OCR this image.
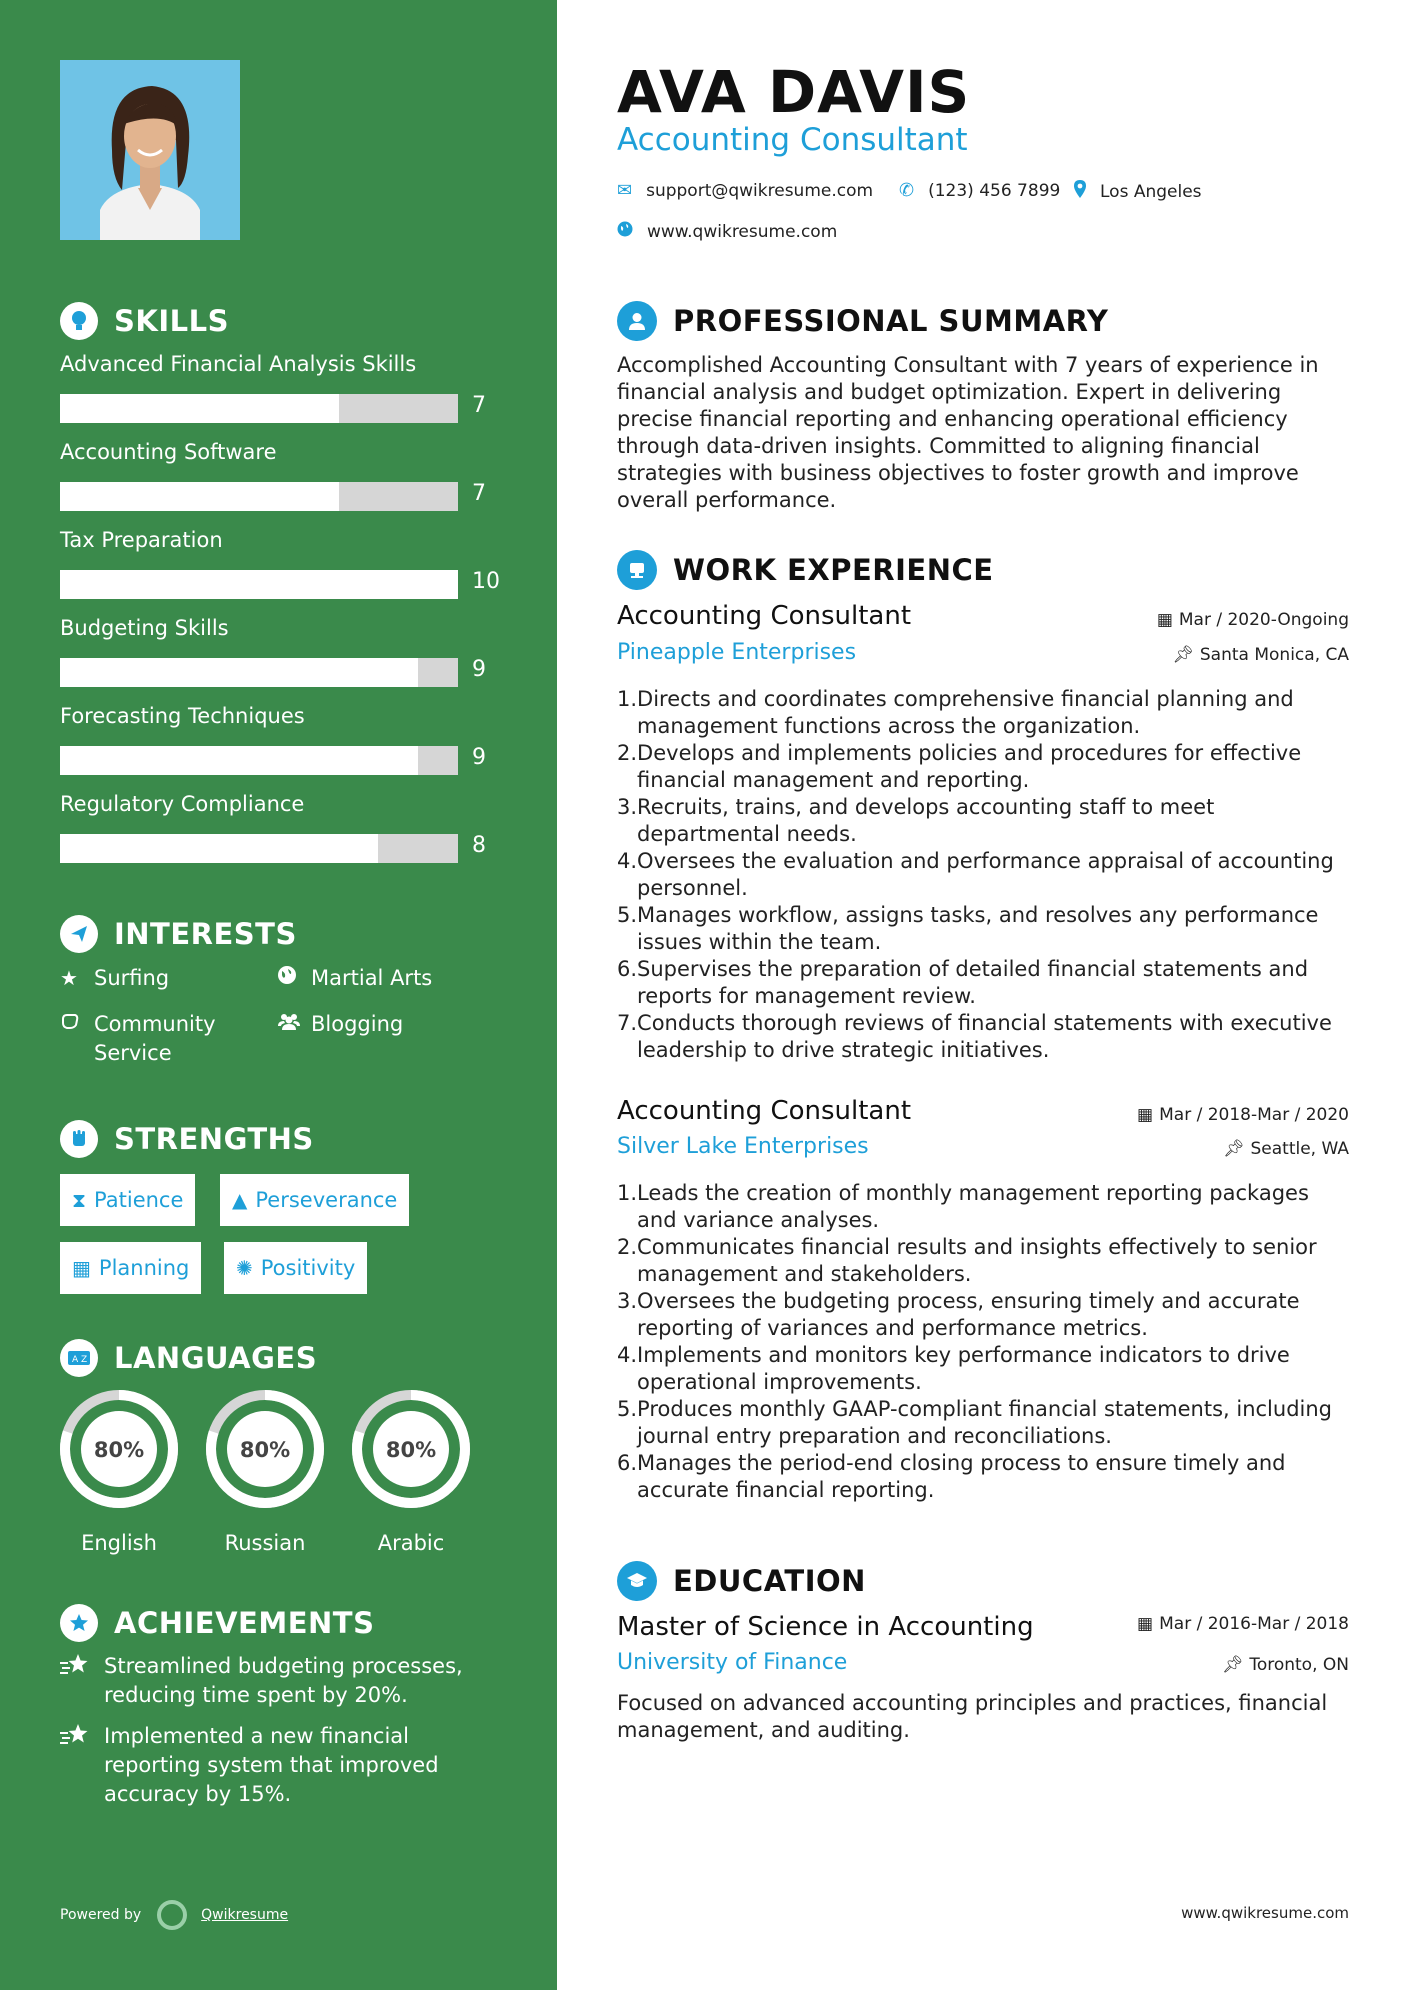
SKILLS
Advanced Financial Analysis Skills
7
Accounting Software
7
Tax Preparation
10
Budgeting Skills
9
Forecasting Techniques
9
Regulatory Compliance
8
INTERESTS
★ Surfing	Martial Arts
Community Service
Blogging
STRENGTHS
⧗ Patience	▲ Perseverance
▦ Planning	✺ Positivity
A Z LANGUAGES
80%
English
80%
Russian
80%
Arabic
ACHIEVEMENTS
Streamlined budgeting processes, reducing time spent by 20%.
Implemented a new financial reporting system that improved accuracy by 15%.
Powered by	Qwikresume
AVA DAVIS
Accounting Consultant
✉ support@qwikresume.com ✆ (123) 456 7899 Los Angeles
www.qwikresume.com
PROFESSIONAL SUMMARY
Accomplished Accounting Consultant with 7 years of experience in financial analysis and budget optimization. Expert in delivering precise financial reporting and enhancing operational efficiency through data-driven insights. Committed to aligning financial strategies with business objectives to foster growth and improve overall performance.
WORK EXPERIENCE
Accounting Consultant	▦ Mar / 2020-Ongoing
Pineapple Enterprises	📌︎ Santa Monica, CA
1. Directs and coordinates comprehensive financial planning and management functions across the organization.
2. Develops and implements policies and procedures for effective financial management and reporting.
3. Recruits, trains, and develops accounting staff to meet departmental needs.
4. Oversees the evaluation and performance appraisal of accounting personnel.
5. Manages workflow, assigns tasks, and resolves any performance issues within the team.
6. Supervises the preparation of detailed financial statements and reports for management review.
7. Conducts thorough reviews of financial statements with executive leadership to drive strategic initiatives.
Accounting Consultant	▦ Mar / 2018-Mar / 2020
Silver Lake Enterprises	📌︎ Seattle, WA
1. Leads the creation of monthly management reporting packages and variance analyses.
2. Communicates financial results and insights effectively to senior management and stakeholders.
3. Oversees the budgeting process, ensuring timely and accurate reporting of variances and performance metrics.
4. Implements and monitors key performance indicators to drive operational improvements.
5. Produces monthly GAAP-compliant financial statements, including journal entry preparation and reconciliations.
6. Manages the period-end closing process to ensure timely and accurate financial reporting.
EDUCATION
Master of Science in Accounting	▦ Mar / 2016-Mar / 2018
University of Finance	📌︎ Toronto, ON
Focused on advanced accounting principles and practices, financial management, and auditing.
www.qwikresume.com
